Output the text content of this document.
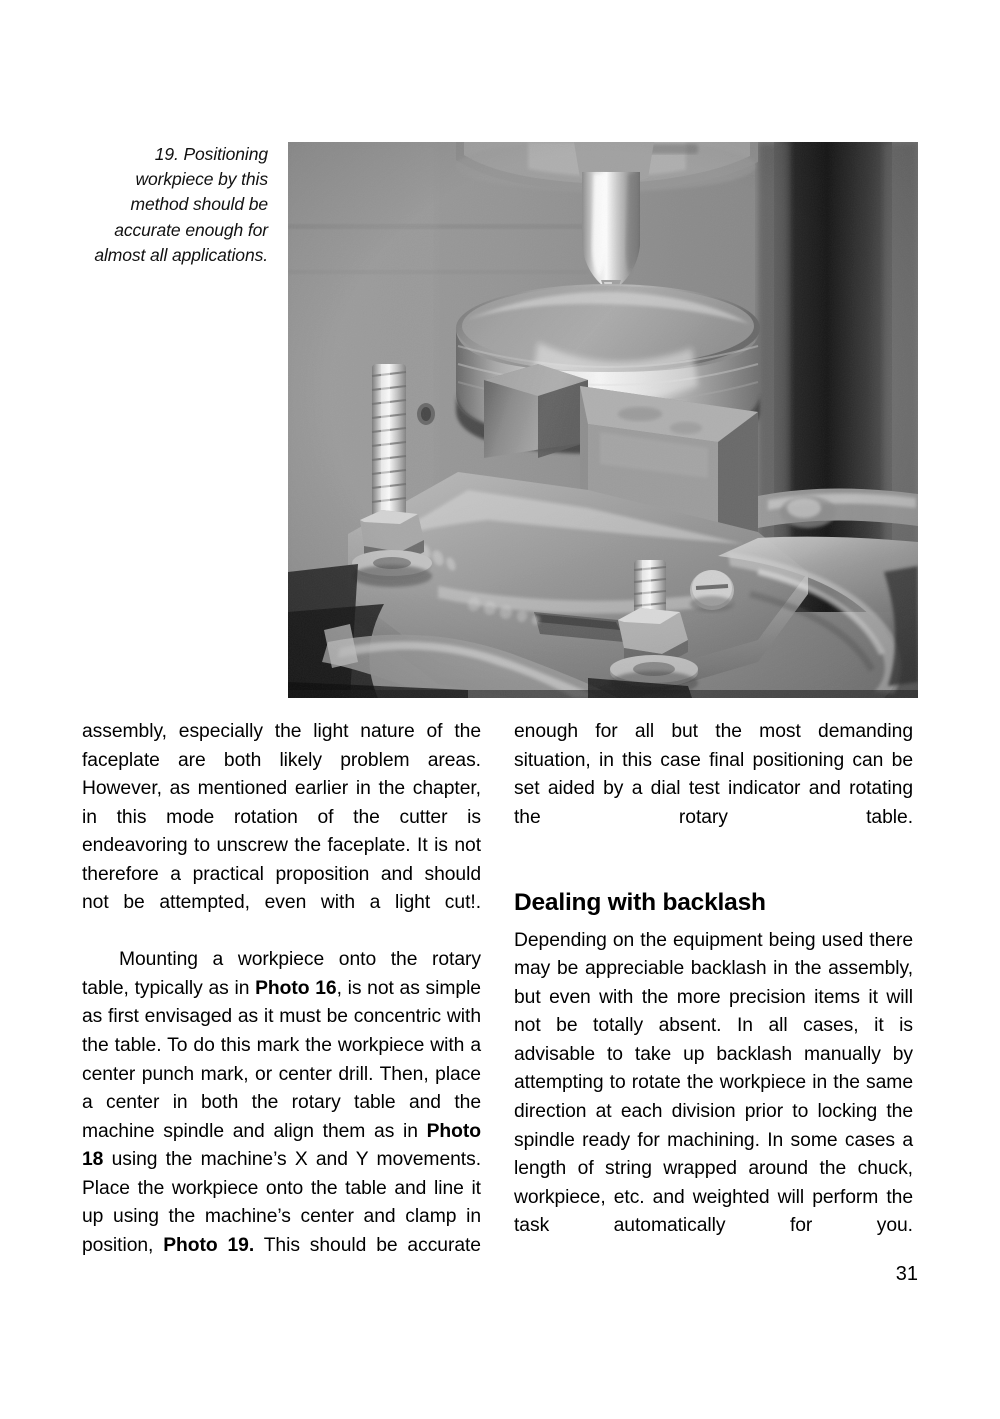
19. Positioning workpiece by this method should be accurate enough for almost all applications.

assembly, especially the light nature of the faceplate are both likely problem areas. However, as mentioned earlier in the chapter, in this mode rotation of the cutter is endeavoring to unscrew the faceplate. It is not therefore a practical proposition and should not be attempted, even with a light cut!.

Mounting a workpiece onto the rotary table, typically as in Photo 16, is not as simple as first envisaged as it must be concentric with the table. To do this mark the workpiece with a center punch mark, or center drill. Then, place a center in both the rotary table and the machine spindle and align them as in Photo 18 using the machine’s X and Y movements. Place the workpiece onto the table and line it up using the machine’s center and clamp in position, Photo 19. This should be accurate

enough for all but the most demanding situation, in this case final positioning can be set aided by a dial test indicator and rotating the rotary table.

Dealing with backlash

Depending on the equipment being used there may be appreciable backlash in the assembly, but even with the more precision items it will not be totally absent. In all cases, it is advisable to take up backlash manually by attempting to rotate the workpiece in the same direction at each division prior to locking the spindle ready for machining. In some cases a length of string wrapped around the chuck, workpiece, etc. and weighted will perform the task automatically for you.

31
